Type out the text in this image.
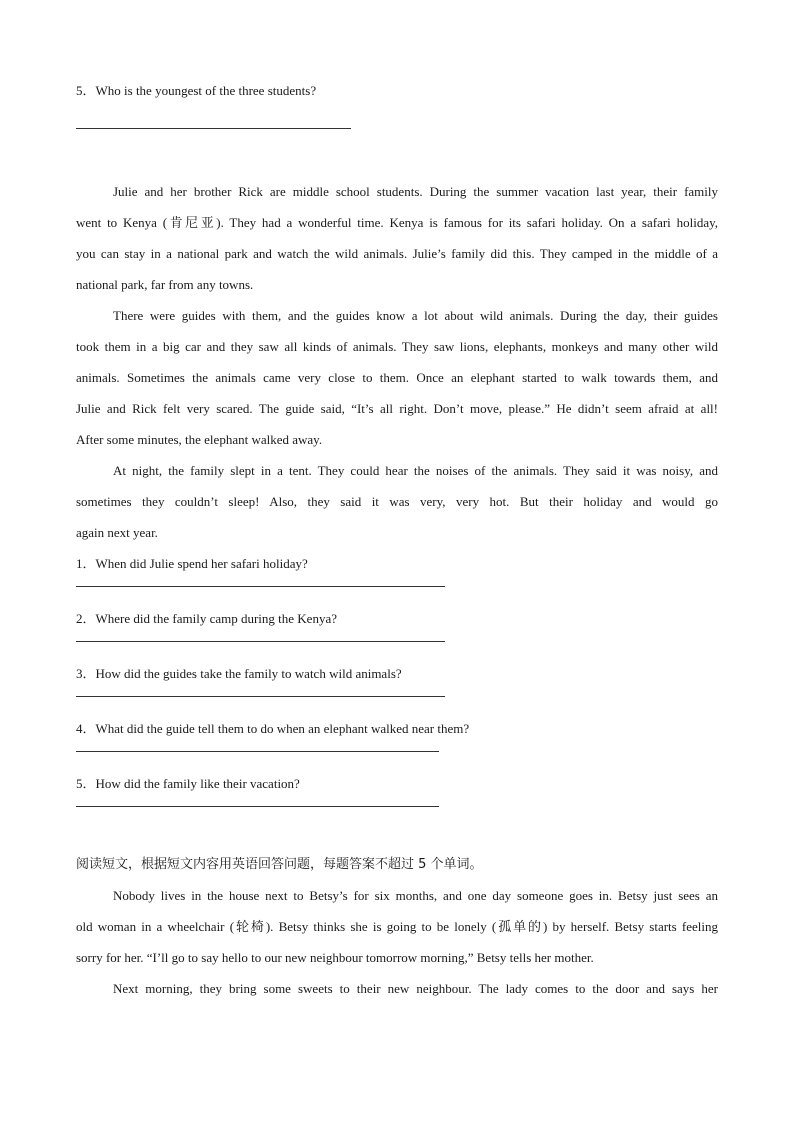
5．Who is the youngest of the three students?
Julie and her brother Rick are middle school students. During the summer vacation last year, their family
went to Kenya (肯尼亚). They had a wonderful time. Kenya is famous for its safari holiday. On a safari holiday,
you can stay in a national park and watch the wild animals. Julie’s family did this. They camped in the middle of a
national park, far from any towns.
There were guides with them, and the guides know a lot about wild animals. During the day, their guides
took them in a big car and they saw all kinds of animals. They saw lions, elephants, monkeys and many other wild
animals. Sometimes the animals came very close to them. Once an elephant started to walk towards them, and
Julie and Rick felt very scared. The guide said, “It’s all right. Don’t move, please.” He didn’t seem afraid at all!
After some minutes, the elephant walked away.
At night, the family slept in a tent. They could hear the noises of the animals. They said it was noisy, and
sometimes they couldn’t sleep! Also, they said it was very, very hot. But their holiday and would go
again next year.
1．When did Julie spend her safari holiday?
2．Where did the family camp during the Kenya?
3．How did the guides take the family to watch wild animals?
4．What did the guide tell them to do when an elephant walked near them?
5．How did the family like their vacation?
阅读短文，根据短文内容用英语回答问题，每题答案不超过 5 个单词。
Nobody lives in the house next to Betsy’s for six months, and one day someone goes in. Betsy just sees an
old woman in a wheelchair (轮椅). Betsy thinks she is going to be lonely (孤单的) by herself. Betsy starts feeling
sorry for her. “I’ll go to say hello to our new neighbour tomorrow morning,” Betsy tells her mother.
Next morning, they bring some sweets to their new neighbour. The lady comes to the door and says her
